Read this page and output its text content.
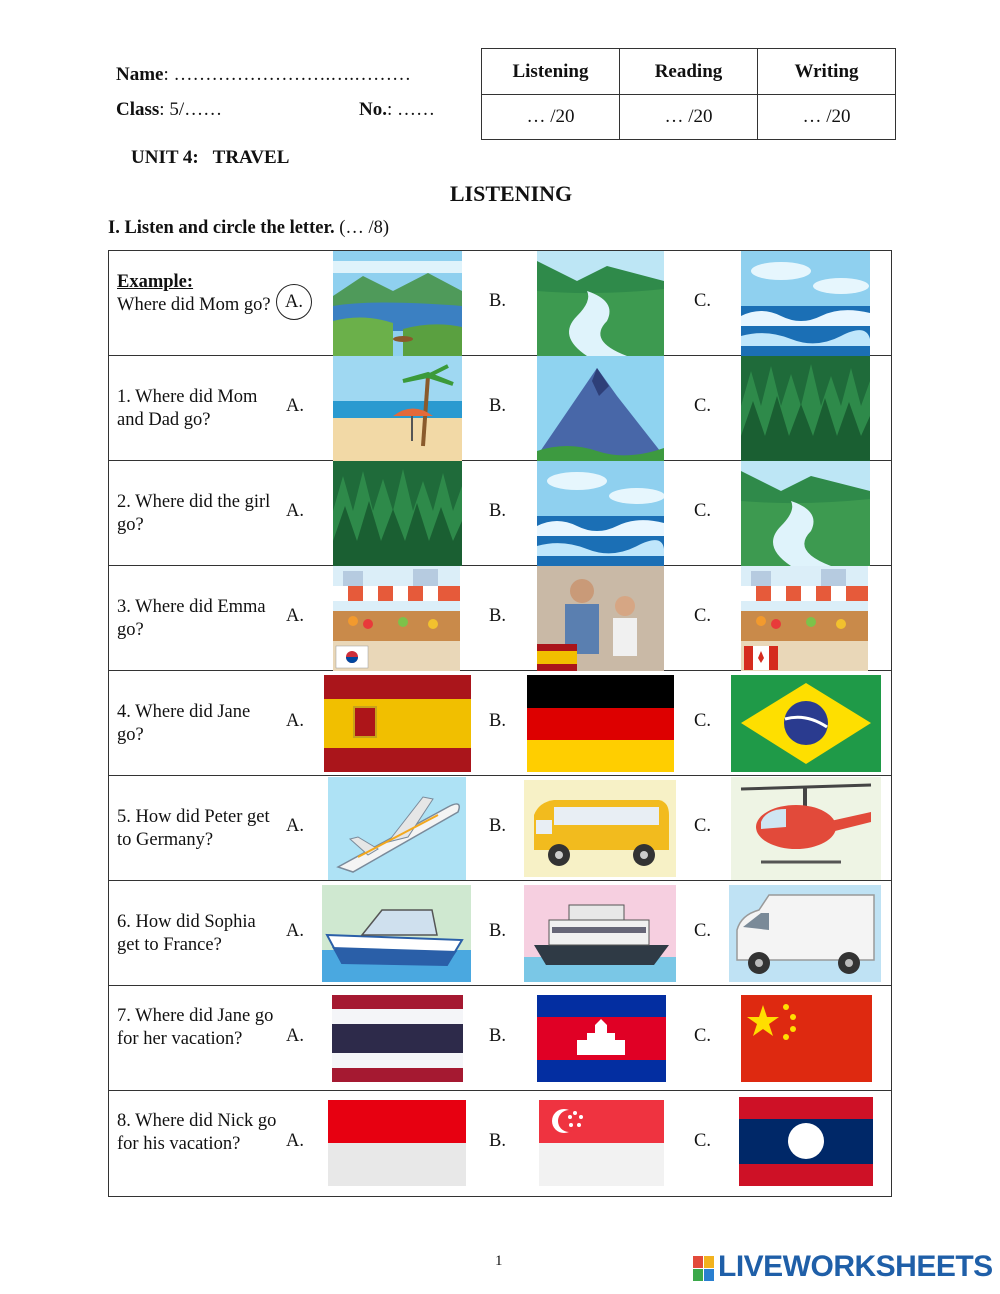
Name: …………………….….………
Class: 5/……	No.: ……
Listening	Reading	Writing
… /20	… /20	… /20
UNIT 4:   TRAVEL
LISTENING
I. Listen and circle the letter. (… /8)
Example:
Where did Mom go? A.	B.	C.
1. Where did Mom and Dad go?
A.	B.	C.
2. Where did the girl go?
A.	B.	C.
3. Where did Emma go?
A.	B.	C.
4. Where did Jane go?
A.	B.	C.
5. How did Peter get to Germany?
A.	B.	C.
6. How did Sophia get to France?
A.	B.	C.
7. Where did Jane go for her vacation?	A.	B.	C.
8. Where did Nick go for his vacation?	A.	B.	C.
1	LIVEWORKSHEETS
